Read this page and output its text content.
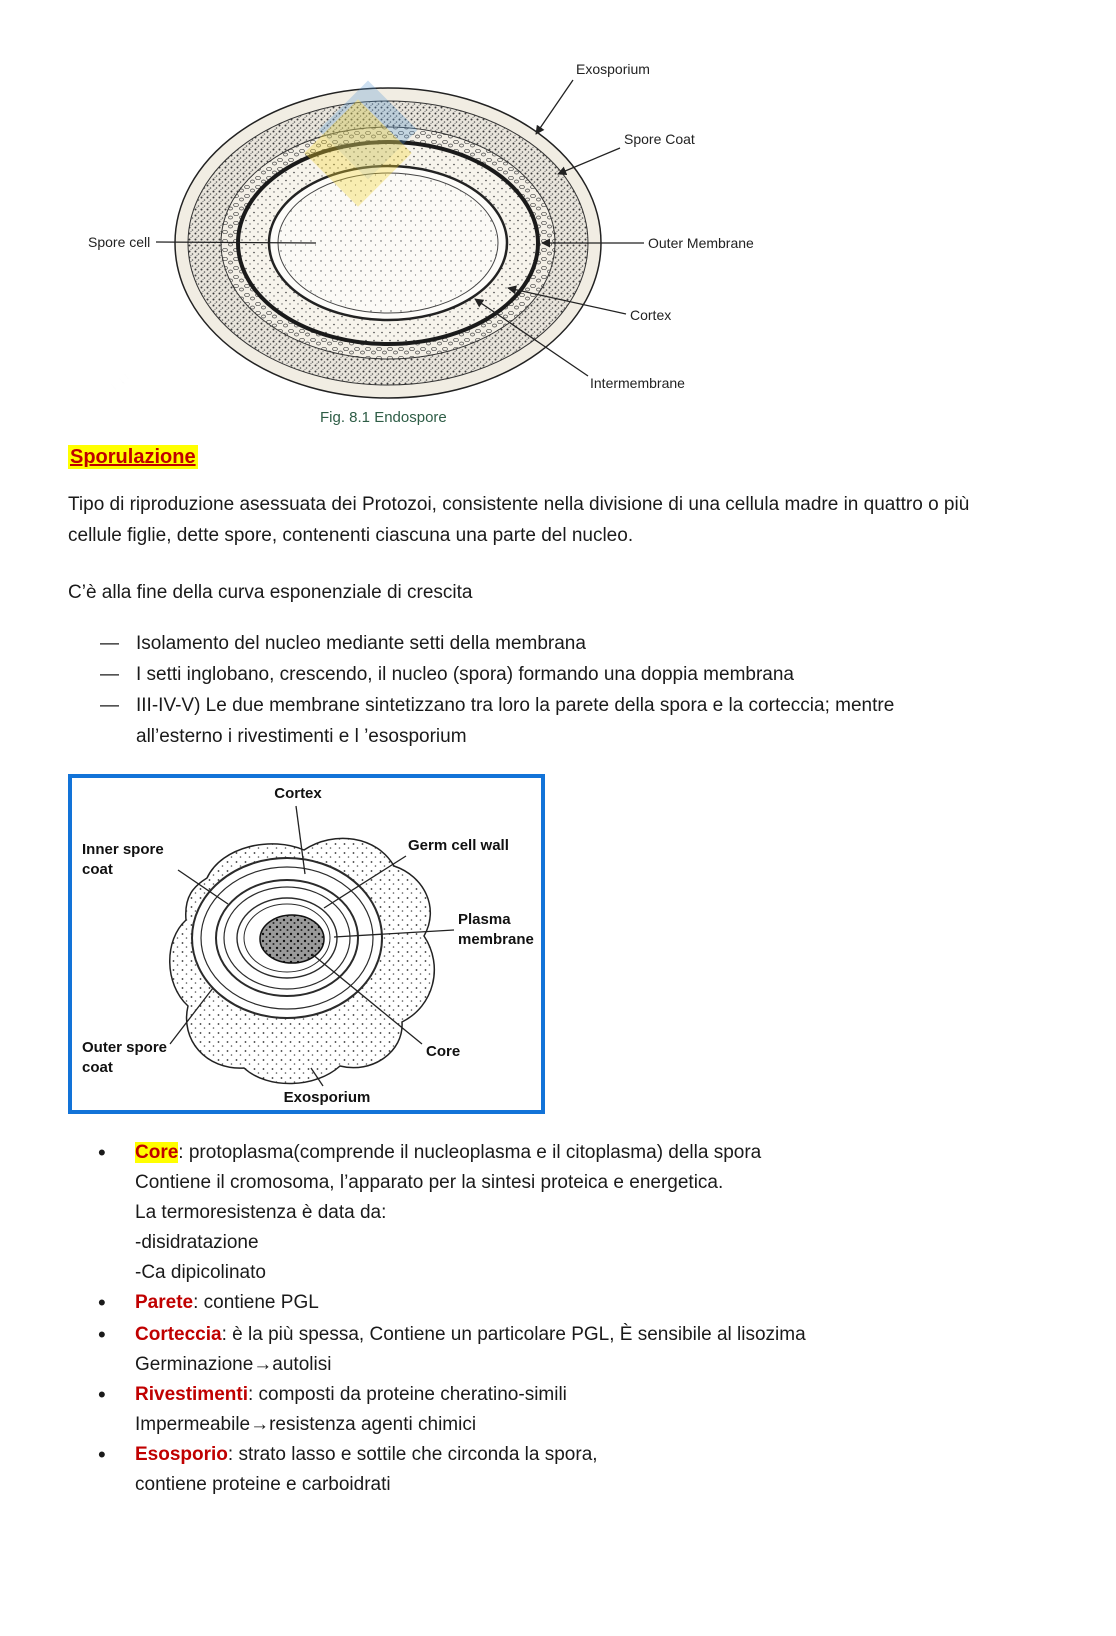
SKU
Exosporium
Spore Coat
Outer Membrane
Cortex
Intermembrane
Spore cell
Fig. 8.1 Endospore
Sporulazione

Tipo di riproduzione asessuata dei Protozoi, consistente nella divisione di una cellula madre in quattro o più cellule figlie, dette spore, contenenti ciascuna una parte del nucleo.

C’è alla fine della curva esponenziale di crescita

—
Isolamento del nucleo mediante setti della membrana
—
I setti inglobano, crescendo, il nucleo (spora) formando una doppia membrana
—
III-IV-V) Le due membrane sintetizzano tra loro la parete della spora e la corteccia; mentre all’esterno i rivestimenti e l ’esosporium
Cortex
Germ cell wall
Inner spore
coat
Plasma
membrane
Outer spore
coat
Core
Exosporium
•

Core: protoplasma(comprende il nucleoplasma e il citoplasma) della spora

Contiene il cromosoma, l’apparato per la sintesi proteica e energetica.

La termoresistenza è data da:

-disidratazione

-Ca dipicolinato

•

Parete: contiene PGL

•

Corteccia: è la più spessa, Contiene un particolare PGL, È sensibile al lisozima

Germinazione→autolisi

•

Rivestimenti: composti da proteine cheratino-simili

Impermeabile→resistenza agenti chimici

•

Esosporio: strato lasso e sottile che circonda la spora,

contiene proteine e carboidrati
